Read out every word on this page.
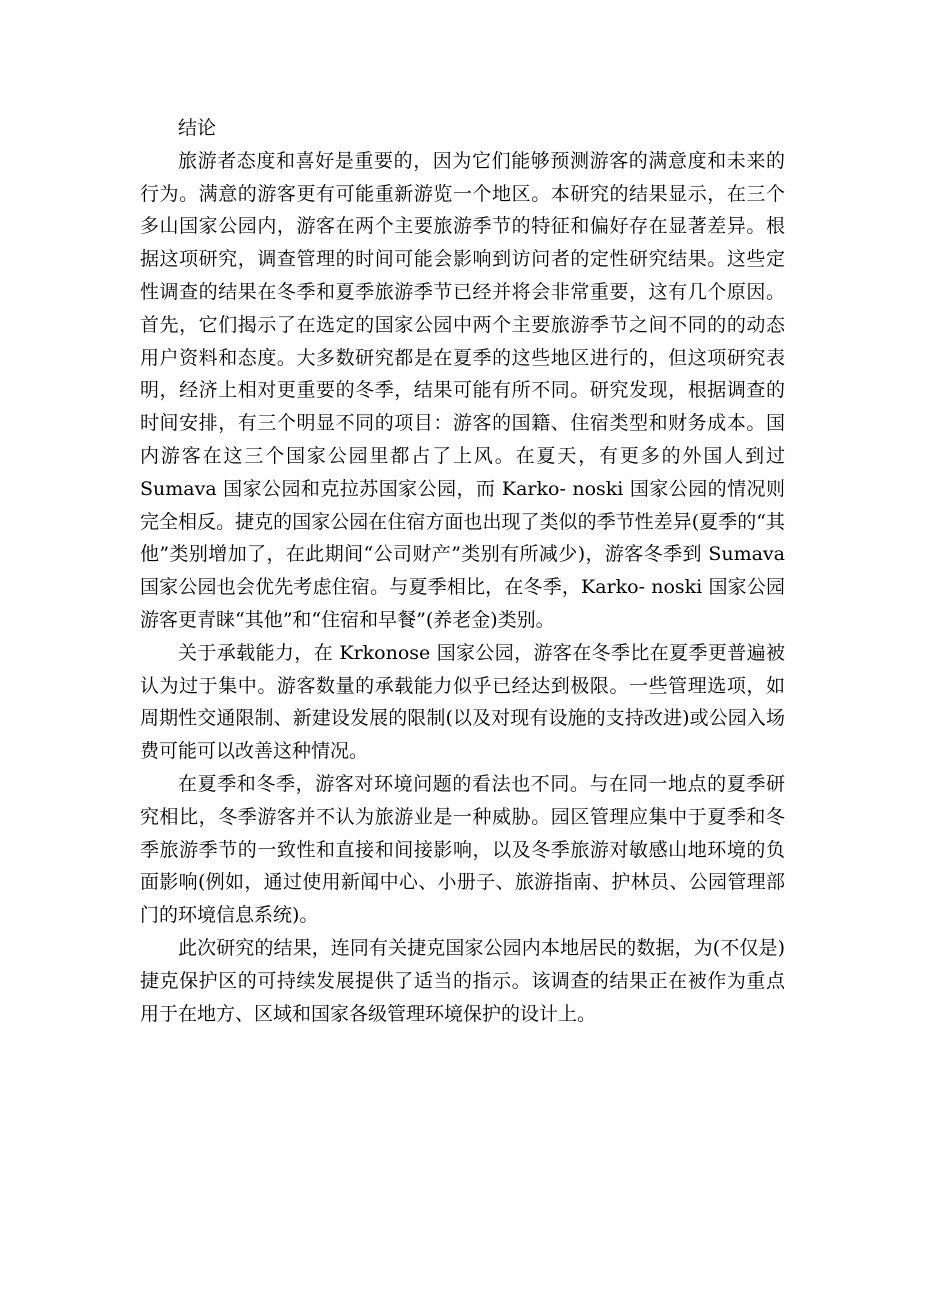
结论

旅游者态度和喜好是重要的，因为它们能够预测游客的满意度和未来的行为。满意的游客更有可能重新游览一个地区。本研究的结果显示，在三个多山国家公园内，游客在两个主要旅游季节的特征和偏好存在显著差异。根据这项研究，调查管理的时间可能会影响到访问者的定性研究结果。这些定性调查的结果在冬季和夏季旅游季节已经并将会非常重要，这有几个原因。首先，它们揭示了在选定的国家公园中两个主要旅游季节之间不同的的动态用户资料和态度。大多数研究都是在夏季的这些地区进行的，但这项研究表明，经济上相对更重要的冬季，结果可能有所不同。研究发现，根据调查的时间安排，有三个明显不同的项目：游客的国籍、住宿类型和财务成本。国内游客在这三个国家公园里都占了上风。在夏天，有更多的外国人到过 Sumava 国家公园和克拉苏国家公园，而 Karko- noski 国家公园的情况则完全相反。捷克的国家公园在住宿方面也出现了类似的季节性差异(夏季的“其他”类别增加了，在此期间“公司财产”类别有所减少)，游客冬季到 Sumava 国家公园也会优先考虑住宿。与夏季相比，在冬季，Karko- noski 国家公园游客更青睐“其他”和“住宿和早餐”(养老金)类别。

关于承载能力，在 Krkonose 国家公园，游客在冬季比在夏季更普遍被认为过于集中。游客数量的承载能力似乎已经达到极限。一些管理选项，如周期性交通限制、新建设发展的限制(以及对现有设施的支持改进)或公园入场费可能可以改善这种情况。

在夏季和冬季，游客对环境问题的看法也不同。与在同一地点的夏季研究相比，冬季游客并不认为旅游业是一种威胁。园区管理应集中于夏季和冬季旅游季节的一致性和直接和间接影响，以及冬季旅游对敏感山地环境的负面影响(例如，通过使用新闻中心、小册子、旅游指南、护林员、公园管理部门的环境信息系统)。

此次研究的结果，连同有关捷克国家公园内本地居民的数据，为(不仅是)捷克保护区的可持续发展提供了适当的指示。该调查的结果正在被作为重点用于在地方、区域和国家各级管理环境保护的设计上。
